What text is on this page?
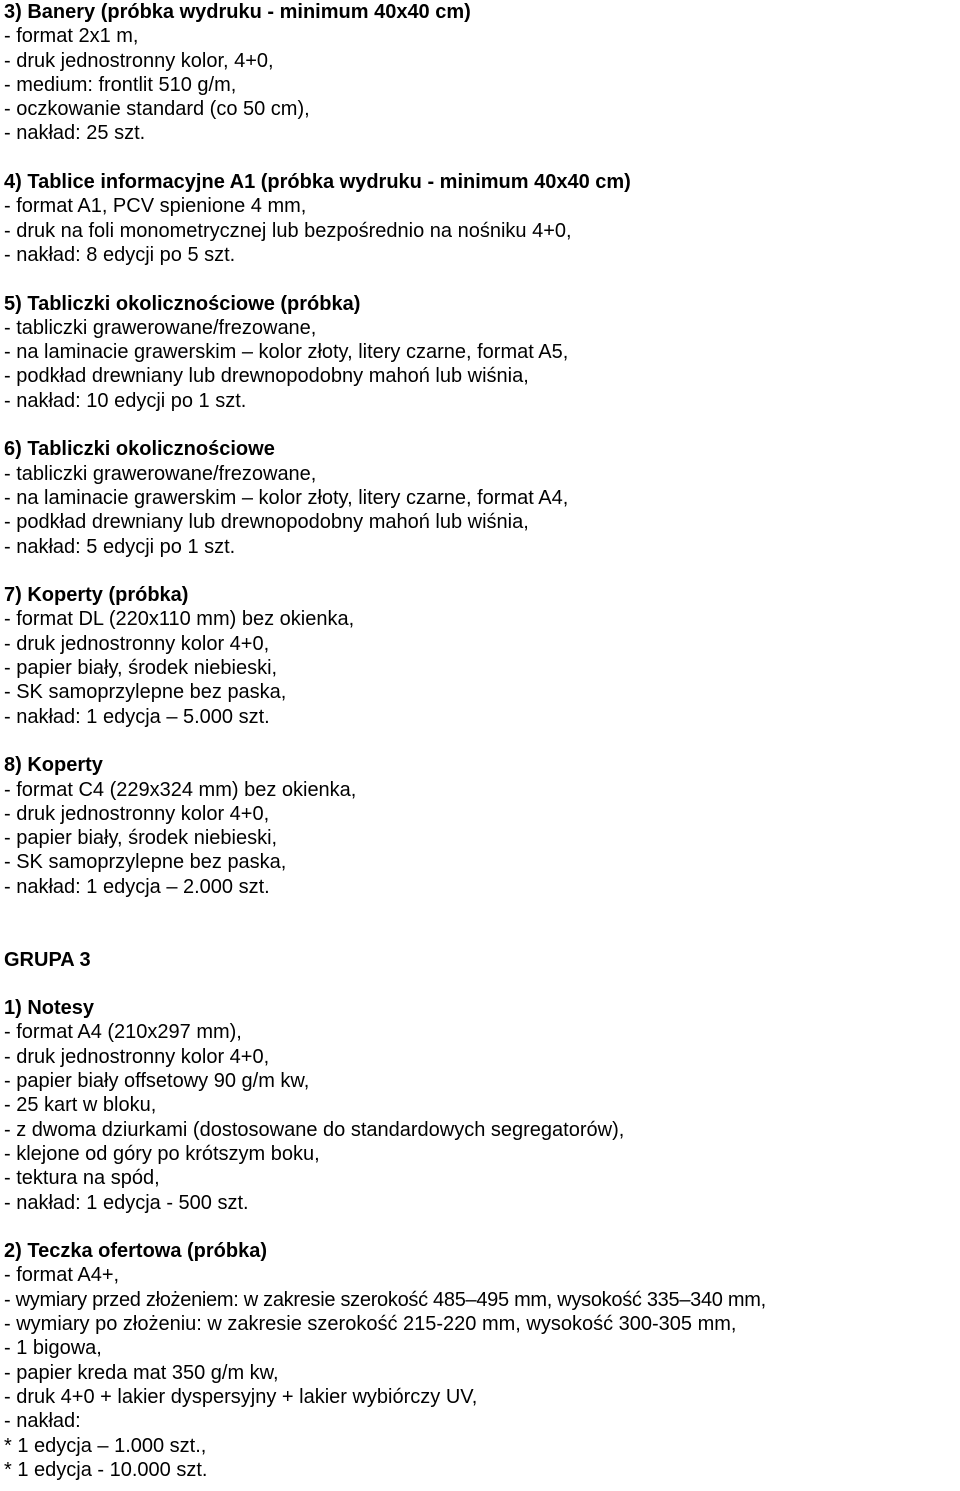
3) Banery (próbka wydruku - minimum 40x40 cm)
- format 2x1 m,
- druk jednostronny kolor, 4+0,
- medium: frontlit 510 g/m,
- oczkowanie standard (co 50 cm),
- nakład: 25 szt.
4) Tablice informacyjne A1 (próbka wydruku - minimum 40x40 cm)
- format A1, PCV spienione 4 mm,
- druk na foli monometrycznej lub bezpośrednio na nośniku 4+0,
- nakład: 8 edycji po 5 szt.
5) Tabliczki okolicznościowe (próbka)
- tabliczki grawerowane/frezowane,
- na laminacie grawerskim – kolor złoty, litery czarne, format A5,
- podkład drewniany lub drewnopodobny mahoń lub wiśnia,
- nakład: 10 edycji po 1 szt.
6) Tabliczki okolicznościowe
- tabliczki grawerowane/frezowane,
- na laminacie grawerskim – kolor złoty, litery czarne, format A4,
- podkład drewniany lub drewnopodobny mahoń lub wiśnia,
- nakład: 5 edycji po 1 szt.
7) Koperty (próbka)
- format DL (220x110 mm) bez okienka,
- druk jednostronny kolor 4+0,
- papier biały, środek niebieski,
- SK samoprzylepne bez paska,
- nakład: 1 edycja – 5.000 szt.
8) Koperty
- format C4 (229x324 mm) bez okienka,
- druk jednostronny kolor 4+0,
- papier biały, środek niebieski,
- SK samoprzylepne bez paska,
- nakład: 1 edycja – 2.000 szt.
GRUPA 3
1) Notesy
- format A4 (210x297 mm),
- druk jednostronny kolor 4+0,
- papier biały offsetowy 90 g/m kw,
- 25 kart w bloku,
- z dwoma dziurkami (dostosowane do standardowych segregatorów),
- klejone od góry po krótszym boku,
- tektura na spód,
- nakład: 1 edycja - 500 szt.
2) Teczka ofertowa (próbka)
- format A4+,
- wymiary przed złożeniem: w zakresie szerokość 485–495 mm, wysokość 335–340 mm,
- wymiary po złożeniu: w zakresie szerokość 215-220 mm, wysokość 300-305 mm,
- 1 bigowa,
- papier kreda mat 350 g/m kw,
- druk 4+0 + lakier dyspersyjny + lakier wybiórczy UV,
- nakład:
* 1 edycja – 1.000 szt.,
* 1 edycja - 10.000 szt.
